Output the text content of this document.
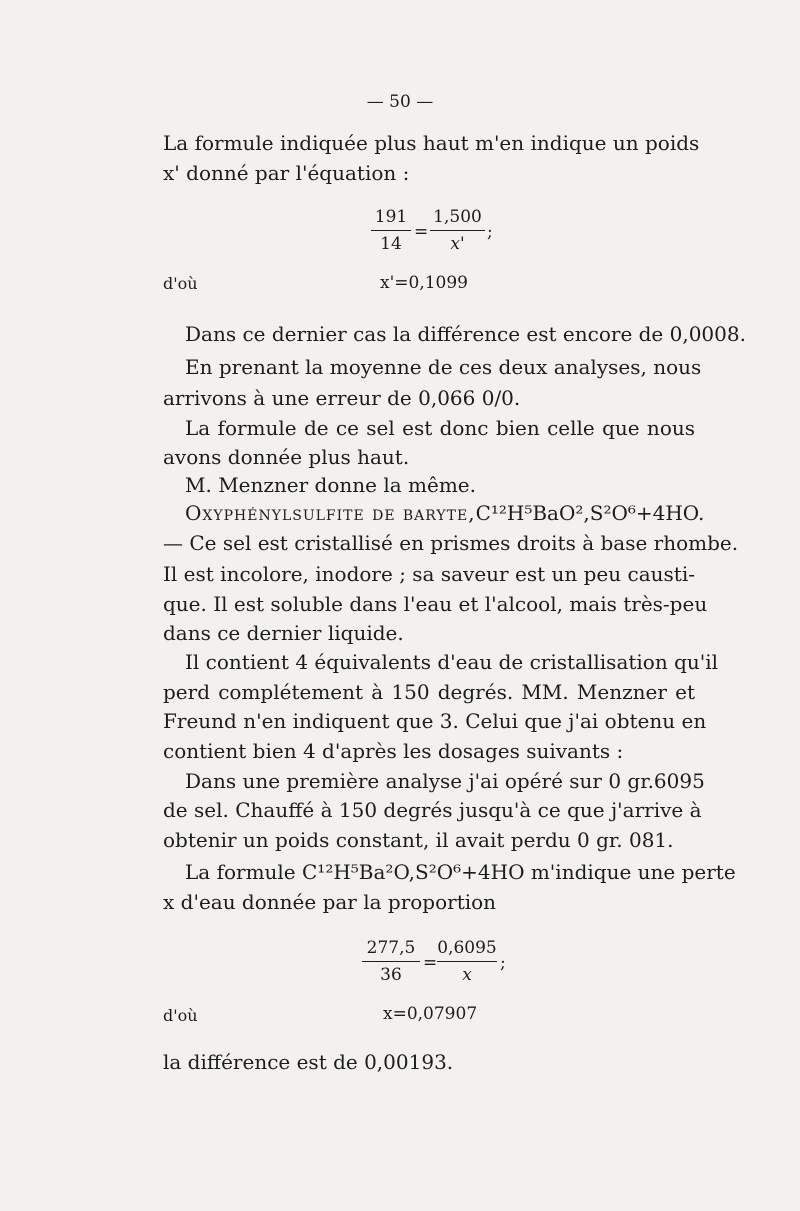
— 50 —
La formule indiquée plus haut m'en indique un poids
x' donné par l'équation :
191
14
=
1,500
x'
;
d'où	x'=0,1099
Dans ce dernier cas la différence est encore de 0,0008.
En prenant la moyenne de ces deux analyses, nous
arrivons à une erreur de 0,066 0/0.
La formule de ce sel est donc bien celle que nous
avons donnée plus haut.
M. Menzner donne la même.
Oxyphénylsulfite de baryte, C¹²H⁵BaO²,S²O⁶+4HO.
— Ce sel est cristallisé en prismes droits à base rhombe.
Il est incolore, inodore ; sa saveur est un peu causti-
que. Il est soluble dans l'eau et l'alcool, mais très-peu
dans ce dernier liquide.
Il contient 4 équivalents d'eau de cristallisation qu'il
perd complétement à 150 degrés. MM. Menzner et
Freund n'en indiquent que 3. Celui que j'ai obtenu en
contient bien 4 d'après les dosages suivants :
Dans une première analyse j'ai opéré sur 0 gr.6095
de sel. Chauffé à 150 degrés jusqu'à ce que j'arrive à
obtenir un poids constant, il avait perdu 0 gr. 081.
La formule C¹²H⁵Ba²O,S²O⁶+4HO m'indique une perte
x d'eau donnée par la proportion
277,5
36
=
0,6095
x
;
d'où	x=0,07907
la différence est de 0,00193.
